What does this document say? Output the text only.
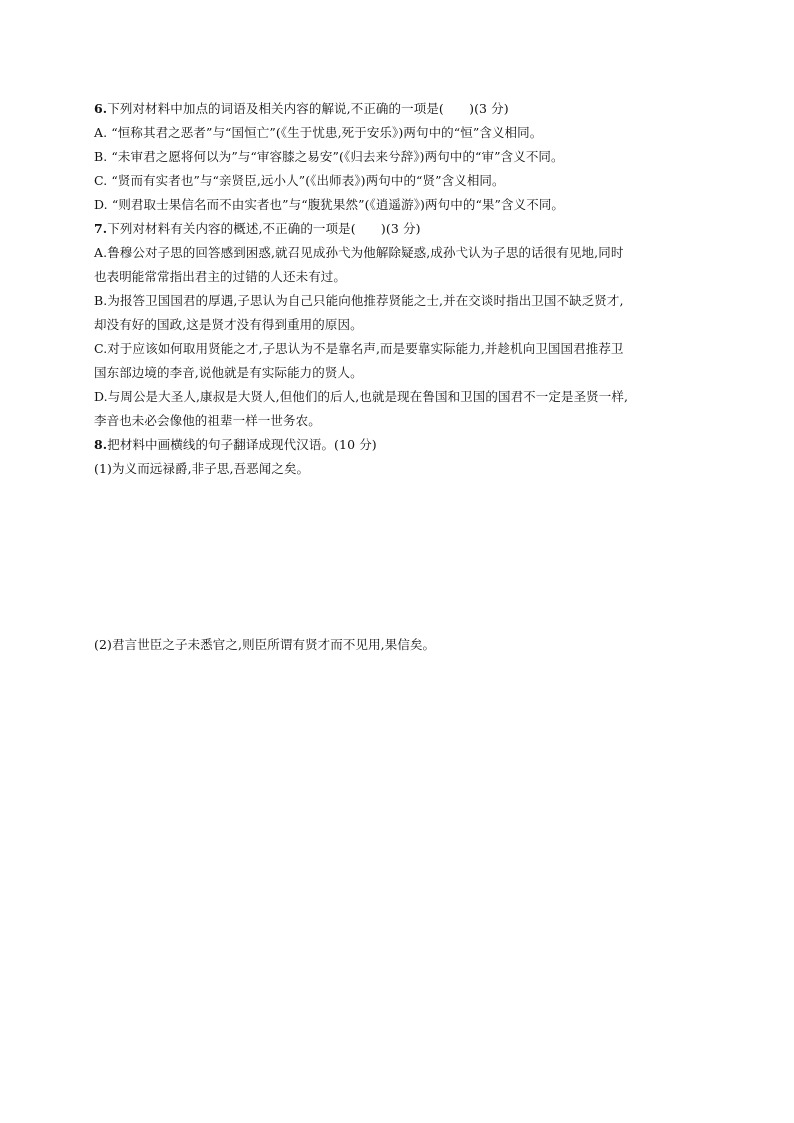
6.下列对材料中加点的词语及相关内容的解说,不正确的一项是(　　)(3 分)
A. “恒称其君之恶者”与“国恒亡”(《生于忧患,死于安乐》)两句中的“恒”含义相同。
B. “未审君之愿将何以为”与“审容膝之易安”(《归去来兮辞》)两句中的“审”含义不同。
C. “贤而有实者也”与“亲贤臣,远小人”(《出师表》)两句中的“贤”含义相同。
D. “则君取士果信名而不由实者也”与“腹犹果然”(《逍遥游》)两句中的“果”含义不同。
7.下列对材料有关内容的概述,不正确的一项是(　　)(3 分)
A.鲁穆公对子思的回答感到困惑,就召见成孙弋为他解除疑惑,成孙弋认为子思的话很有见地,同时
也表明能常常指出君主的过错的人还未有过。
B.为报答卫国国君的厚遇,子思认为自己只能向他推荐贤能之士,并在交谈时指出卫国不缺乏贤才,
却没有好的国政,这是贤才没有得到重用的原因。
C.对于应该如何取用贤能之才,子思认为不是靠名声,而是要靠实际能力,并趁机向卫国国君推荐卫
国东部边境的李音,说他就是有实际能力的贤人。
D.与周公是大圣人,康叔是大贤人,但他们的后人,也就是现在鲁国和卫国的国君不一定是圣贤一样,
李音也未必会像他的祖辈一样一世务农。
8.把材料中画横线的句子翻译成现代汉语。(10 分)
(1)为义而远禄爵,非子思,吾恶闻之矣。
(2)君言世臣之子未悉官之,则臣所谓有贤才而不见用,果信矣。
